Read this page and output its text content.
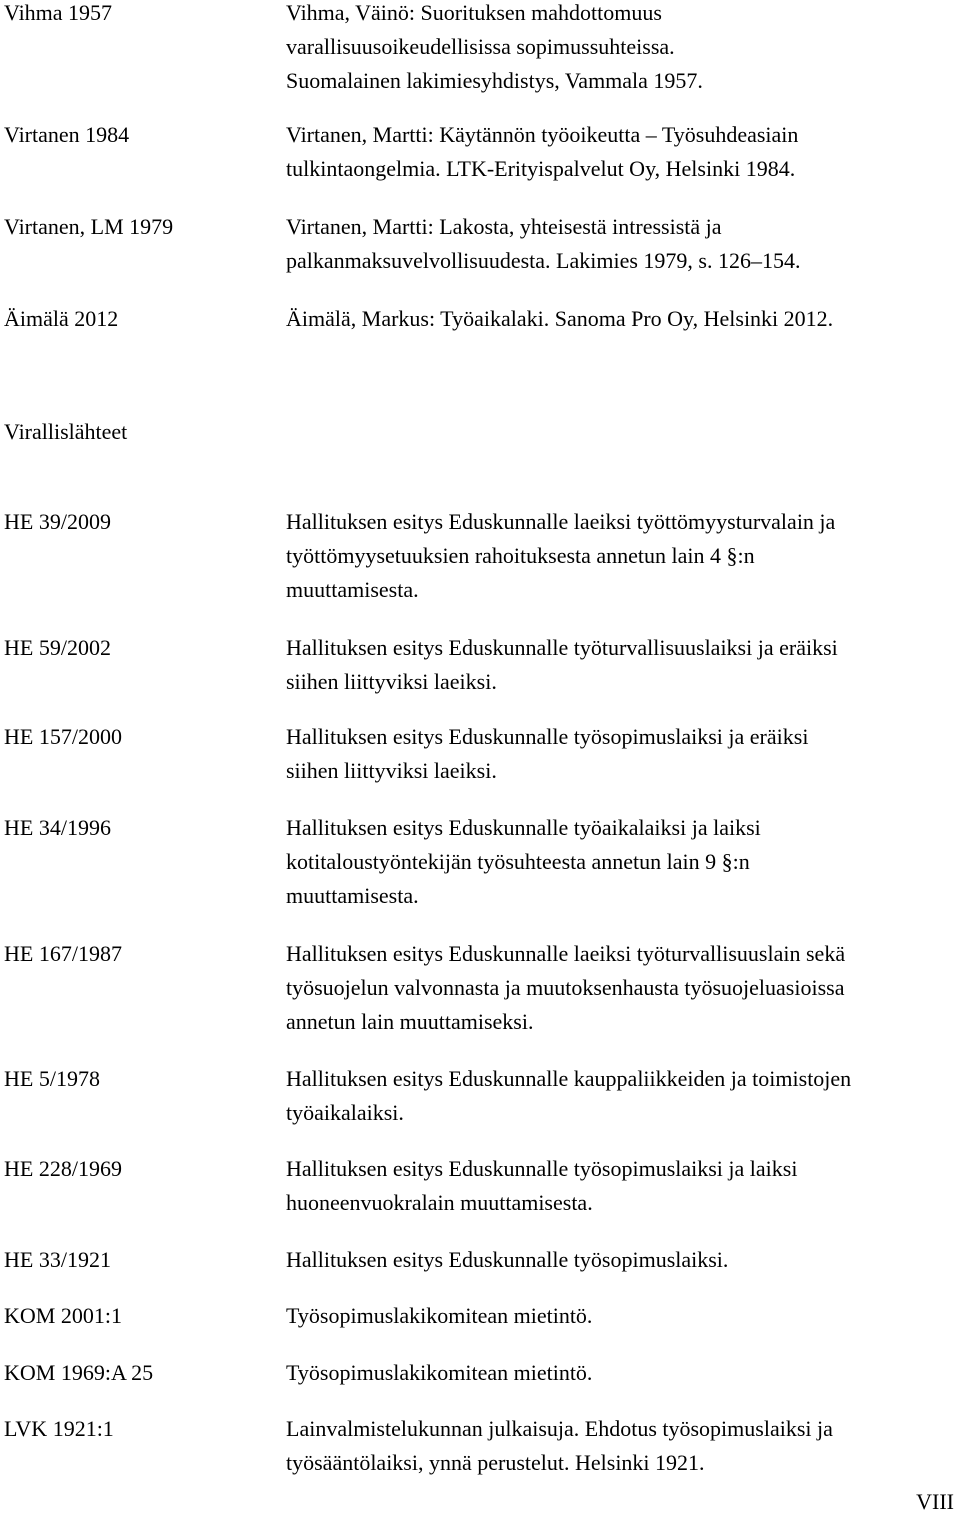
Vihma 1957	Vihma, Väinö: Suorituksen mahdottomuus
varallisuusoikeudellisissa sopimussuhteissa.
Suomalainen lakimiesyhdistys, Vammala 1957.
Virtanen 1984	Virtanen, Martti: Käytännön työoikeutta – Työsuhdeasiain
tulkintaongelmia. LTK-Erityispalvelut Oy, Helsinki 1984.
Virtanen, LM 1979	Virtanen, Martti: Lakosta, yhteisestä intressistä ja
palkanmaksuvelvollisuudesta. Lakimies 1979, s. 126–154.
Äimälä 2012	Äimälä, Markus: Työaikalaki. Sanoma Pro Oy, Helsinki 2012.
Virallislähteet
HE 39/2009	Hallituksen esitys Eduskunnalle laeiksi työttömyysturvalain ja
työttömyysetuuksien rahoituksesta annetun lain 4 §:n
muuttamisesta.
HE 59/2002	Hallituksen esitys Eduskunnalle työturvallisuuslaiksi ja eräiksi
siihen liittyviksi laeiksi.
HE 157/2000	Hallituksen esitys Eduskunnalle työsopimuslaiksi ja eräiksi
siihen liittyviksi laeiksi.
HE 34/1996	Hallituksen esitys Eduskunnalle työaikalaiksi ja laiksi
kotitaloustyöntekijän työsuhteesta annetun lain 9 §:n
muuttamisesta.
HE 167/1987	Hallituksen esitys Eduskunnalle laeiksi työturvallisuuslain sekä
työsuojelun valvonnasta ja muutoksenhausta työsuojeluasioissa
annetun lain muuttamiseksi.
HE 5/1978	Hallituksen esitys Eduskunnalle kauppaliikkeiden ja toimistojen
työaikalaiksi.
HE 228/1969	Hallituksen esitys Eduskunnalle työsopimuslaiksi ja laiksi
huoneenvuokralain muuttamisesta.
HE 33/1921	Hallituksen esitys Eduskunnalle työsopimuslaiksi.
KOM 2001:1	Työsopimuslakikomitean mietintö.
KOM 1969:A 25	Työsopimuslakikomitean mietintö.
LVK 1921:1	Lainvalmistelukunnan julkaisuja. Ehdotus työsopimuslaiksi ja
työsääntölaiksi, ynnä perustelut. Helsinki 1921.
VIII
